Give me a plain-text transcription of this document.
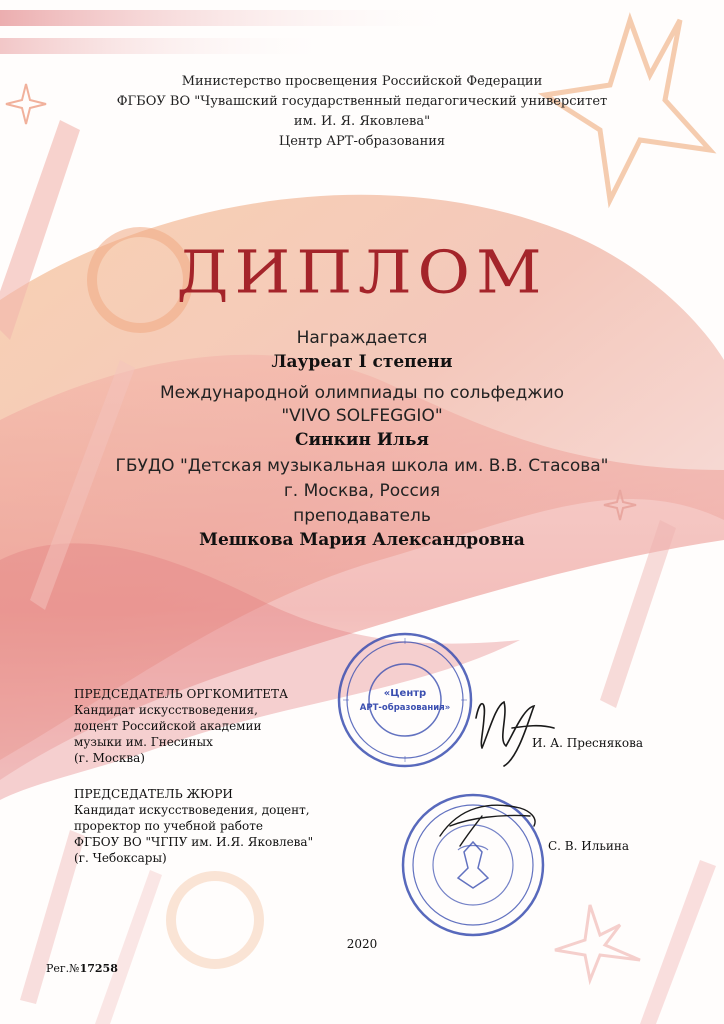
Министерство просвещения Российской Федерации
ФГБОУ ВО "Чувашский государственный педагогический университет
им. И. Я. Яковлева"
Центр АРТ-образования
ДИПЛОМ
Награждается
Лауреат I степени
Международной олимпиады по сольфеджио
"VIVO SOLFEGGIO"
Синкин Илья
ГБУДО "Детская музыкальная школа им. В.В. Стасова"
г. Москва, Россия
преподаватель
Мешкова Мария Александровна
«Центр
АРТ-образования»
ПРЕДСЕДАТЕЛЬ ОРГКОМИТЕТА
Кандидат искусствоведения,
доцент Российской академии
музыки им. Гнесиных
(г. Москва)
И. А. Преснякова
ПРЕДСЕДАТЕЛЬ ЖЮРИ
Кандидат искусствоведения, доцент,
проректор по учебной работе
ФГБОУ ВО "ЧГПУ им. И.Я. Яковлева"
(г. Чебоксары)
С. В. Ильина
2020
Рег.№17258
